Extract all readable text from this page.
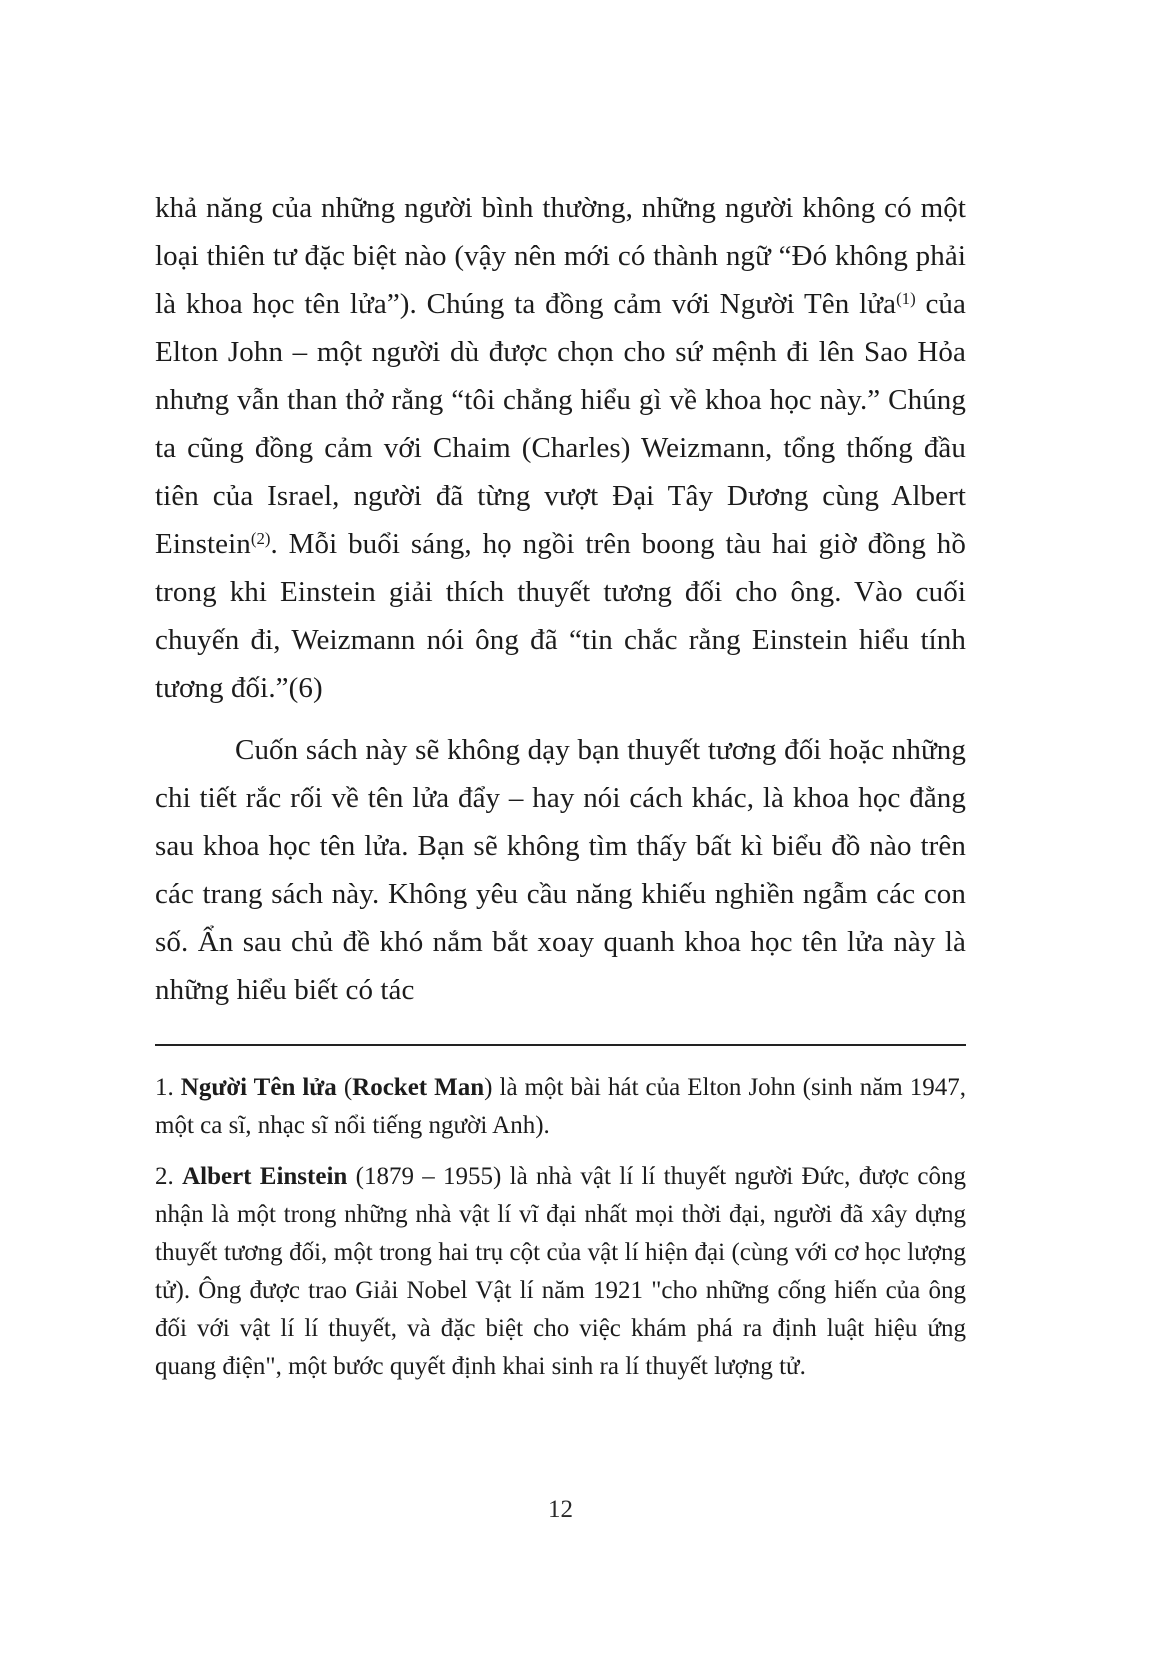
khả năng của những người bình thường, những người không có một loại thiên tư đặc biệt nào (vậy nên mới có thành ngữ “Đó không phải là khoa học tên lửa”). Chúng ta đồng cảm với Người Tên lửa$^{(1)}$ của Elton John – một người dù được chọn cho sứ mệnh đi lên Sao Hỏa nhưng vẫn than thở rằng “tôi chẳng hiểu gì về khoa học này.” Chúng ta cũng đồng cảm với Chaim (Charles) Weizmann, tổng thống đầu tiên của Israel, người đã từng vượt Đại Tây Dương cùng Albert Einstein$^{(2)}$. Mỗi buổi sáng, họ ngồi trên boong tàu hai giờ đồng hồ trong khi Einstein giải thích thuyết tương đối cho ông. Vào cuối chuyến đi, Weizmann nói ông đã “tin chắc rằng Einstein hiểu tính tương đối.”(6)

Cuốn sách này sẽ không dạy bạn thuyết tương đối hoặc những chi tiết rắc rối về tên lửa đẩy – hay nói cách khác, là khoa học đằng sau khoa học tên lửa. Bạn sẽ không tìm thấy bất kì biểu đồ nào trên các trang sách này. Không yêu cầu năng khiếu nghiền ngẫm các con số. Ẩn sau chủ đề khó nắm bắt xoay quanh khoa học tên lửa này là những hiểu biết có tác

1. Người Tên lửa (Rocket Man) là một bài hát của Elton John (sinh năm 1947, một ca sĩ, nhạc sĩ nổi tiếng người Anh).

2. Albert Einstein (1879 – 1955) là nhà vật lí lí thuyết người Đức, được công nhận là một trong những nhà vật lí vĩ đại nhất mọi thời đại, người đã xây dựng thuyết tương đối, một trong hai trụ cột của vật lí hiện đại (cùng với cơ học lượng tử). Ông được trao Giải Nobel Vật lí năm 1921 "cho những cống hiến của ông đối với vật lí lí thuyết, và đặc biệt cho việc khám phá ra định luật hiệu ứng quang điện", một bước quyết định khai sinh ra lí thuyết lượng tử.

12
